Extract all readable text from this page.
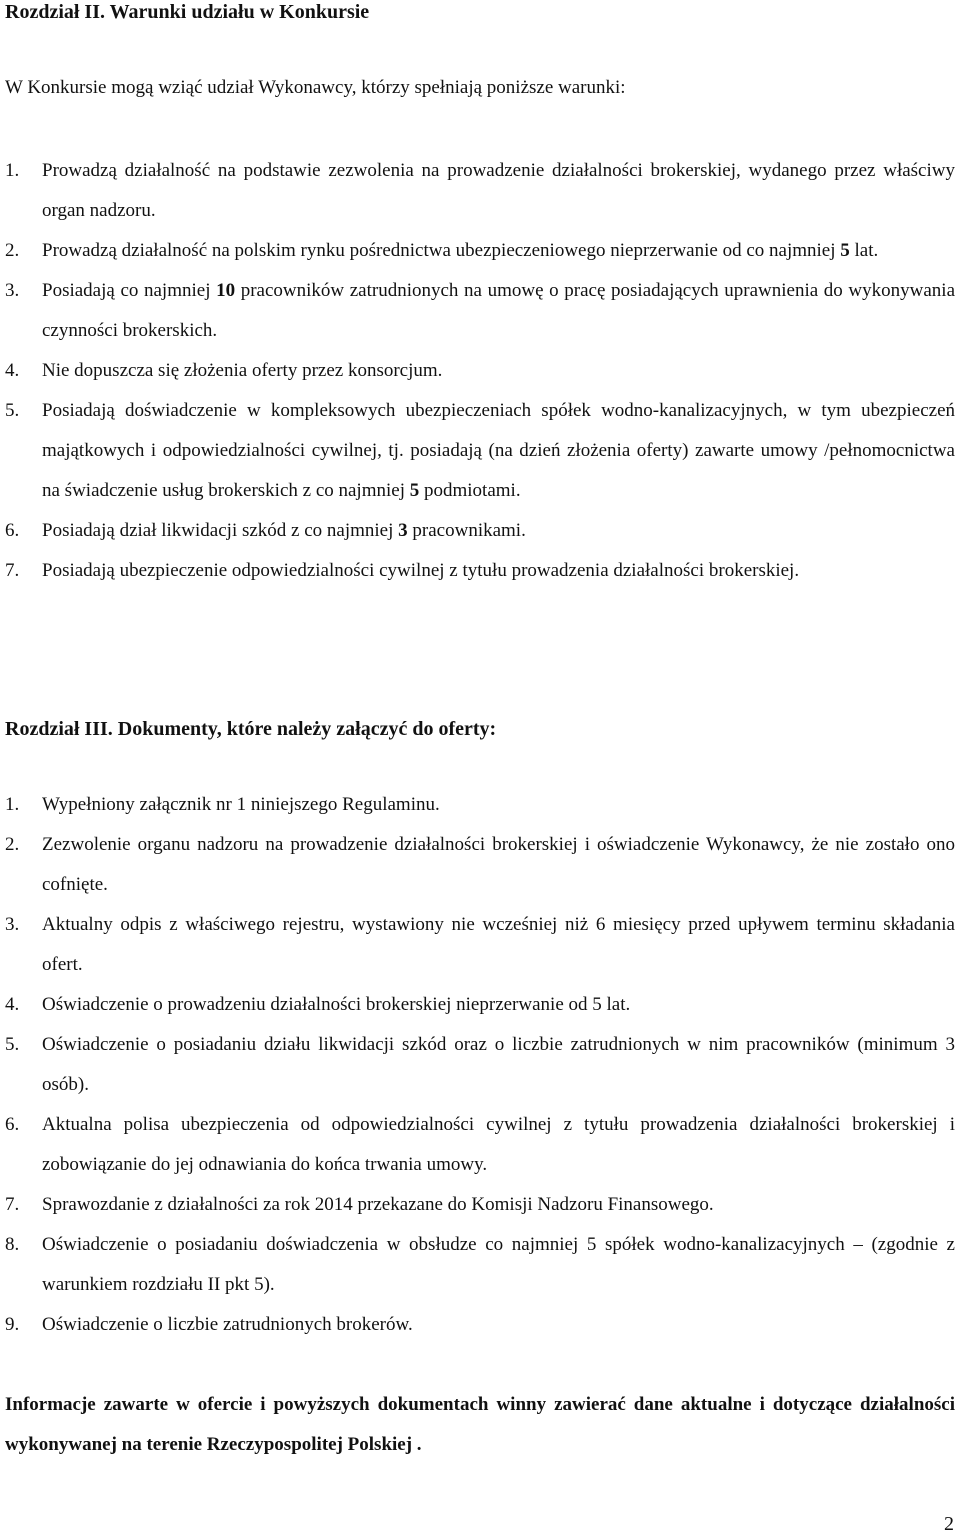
Rozdział II. Warunki udziału w Konkursie
W Konkursie mogą wziąć udział Wykonawcy, którzy spełniają poniższe warunki:
1.	Prowadzą działalność na podstawie zezwolenia na prowadzenie działalności brokerskiej, wydanego przez właściwy organ nadzoru.
2.	Prowadzą działalność na polskim rynku pośrednictwa ubezpieczeniowego nieprzerwanie od co najmniej 5 lat.
3.	Posiadają co najmniej 10 pracowników zatrudnionych na umowę o pracę posiadających uprawnienia do wykonywania czynności brokerskich.
4.	Nie dopuszcza się złożenia oferty przez konsorcjum.
5.	Posiadają doświadczenie w kompleksowych ubezpieczeniach spółek wodno-kanalizacyjnych, w tym ubezpieczeń majątkowych i odpowiedzialności cywilnej, tj. posiadają (na dzień złożenia oferty) zawarte umowy /pełnomocnictwa na świadczenie usług brokerskich z co najmniej 5 podmiotami.
6.	Posiadają dział likwidacji szkód z co najmniej 3 pracownikami.
7.	Posiadają ubezpieczenie odpowiedzialności cywilnej z tytułu prowadzenia działalności brokerskiej.
Rozdział III. Dokumenty, które należy załączyć do oferty:
1.	Wypełniony załącznik nr 1 niniejszego Regulaminu.
2.	Zezwolenie organu nadzoru na prowadzenie działalności brokerskiej i oświadczenie Wykonawcy, że nie zostało ono cofnięte.
3.	Aktualny odpis z właściwego rejestru, wystawiony nie wcześniej niż 6 miesięcy przed upływem terminu składania ofert.
4.	Oświadczenie o prowadzeniu działalności brokerskiej nieprzerwanie od 5 lat.
5.	Oświadczenie o posiadaniu działu likwidacji szkód oraz o liczbie zatrudnionych w nim pracowników (minimum 3 osób).
6.	Aktualna polisa ubezpieczenia od odpowiedzialności cywilnej z tytułu prowadzenia działalności brokerskiej i zobowiązanie do jej odnawiania do końca trwania umowy.
7.	Sprawozdanie z działalności za rok 2014 przekazane do Komisji Nadzoru Finansowego.
8.	Oświadczenie o posiadaniu doświadczenia w obsłudze co najmniej 5 spółek wodno-kanalizacyjnych – (zgodnie z warunkiem rozdziału II pkt 5).
9.	Oświadczenie o liczbie zatrudnionych brokerów.
Informacje zawarte w ofercie i powyższych dokumentach winny zawierać dane aktualne i dotyczące działalności wykonywanej na terenie Rzeczypospolitej Polskiej .
2
